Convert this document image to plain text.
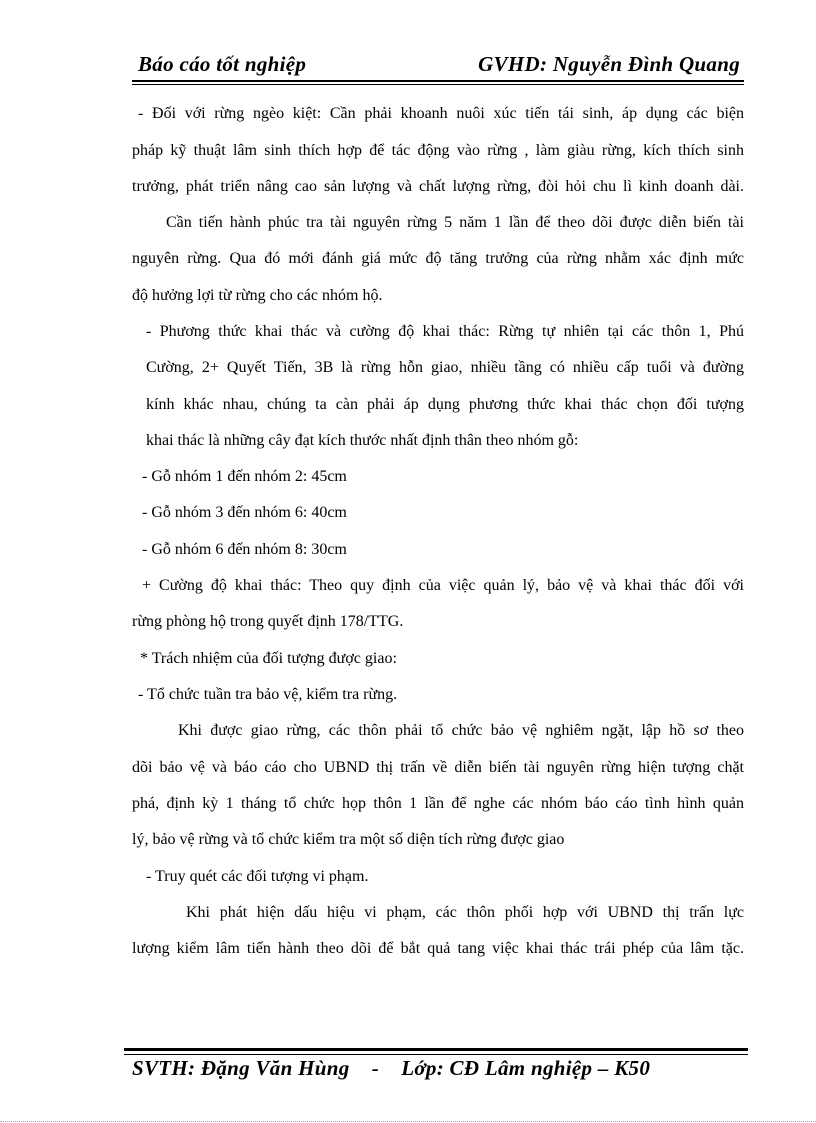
Báo cáo tốt nghiệp	GVHD: Nguyễn Đình Quang
- Đối với rừng ngèo kiệt: Cần phải khoanh nuôi xúc tiến tái sinh, áp dụng các biện
pháp kỹ thuật lâm sinh thích hợp để tác động vào rừng , làm giàu rừng, kích thích sinh
trưởng, phát triển nâng cao sản lượng và chất lượng rừng, đòi hỏi chu lì kinh doanh dài.
Cần tiến hành phúc tra tài nguyên rừng 5 năm 1 lần để theo dõi được diễn biến tài
nguyên rừng. Qua đó mới đánh giá mức độ tăng trưởng của rừng nhằm xác định mức
độ hưởng lợi từ rừng cho các nhóm hộ.
- Phương thức khai thác và cường độ khai thác: Rừng tự nhiên tại các thôn 1, Phú
Cường, 2+ Quyết Tiến, 3B là rừng hỗn giao, nhiều tầng có nhiều cấp tuổi và đường
kính khác nhau, chúng ta càn phải áp dụng phương thức khai thác chọn đối tượng
khai thác là những cây đạt kích thước nhất định thân theo nhóm gỗ:
- Gỗ nhóm 1 đến nhóm 2: 45cm
- Gỗ nhóm 3 đến nhóm 6: 40cm
- Gỗ nhóm 6 đến nhóm 8: 30cm
+ Cường độ khai thác: Theo quy định của việc quản lý, bảo vệ và khai thác đối với
rừng phòng hộ trong quyết định 178/TTG.
* Trách nhiệm của đối tượng được giao:
- Tổ chức tuần tra bảo vệ, kiểm tra rừng.
Khi được giao rừng, các thôn phải tổ chức bảo vệ nghiêm ngặt, lập hồ sơ theo
dõi bảo vệ và báo cáo cho UBND thị trấn về diễn biến tài nguyên rừng hiện tượng chặt
phá, định kỳ 1 tháng tổ chức họp thôn 1 lần để nghe các nhóm báo cáo tình hình quản
lý, bảo vệ rừng và tổ chức kiểm tra một số diện tích rừng được giao
- Truy quét các đối tượng vi phạm.
Khi phát hiện dấu hiệu vi phạm, các thôn phối hợp với UBND thị trấn lực
lượng kiểm lâm tiến hành theo dõi để bắt quả tang việc khai thác trái phép của lâm tặc.
SVTH: Đặng Văn Hùng - Lớp: CĐ Lâm nghiệp – K50
